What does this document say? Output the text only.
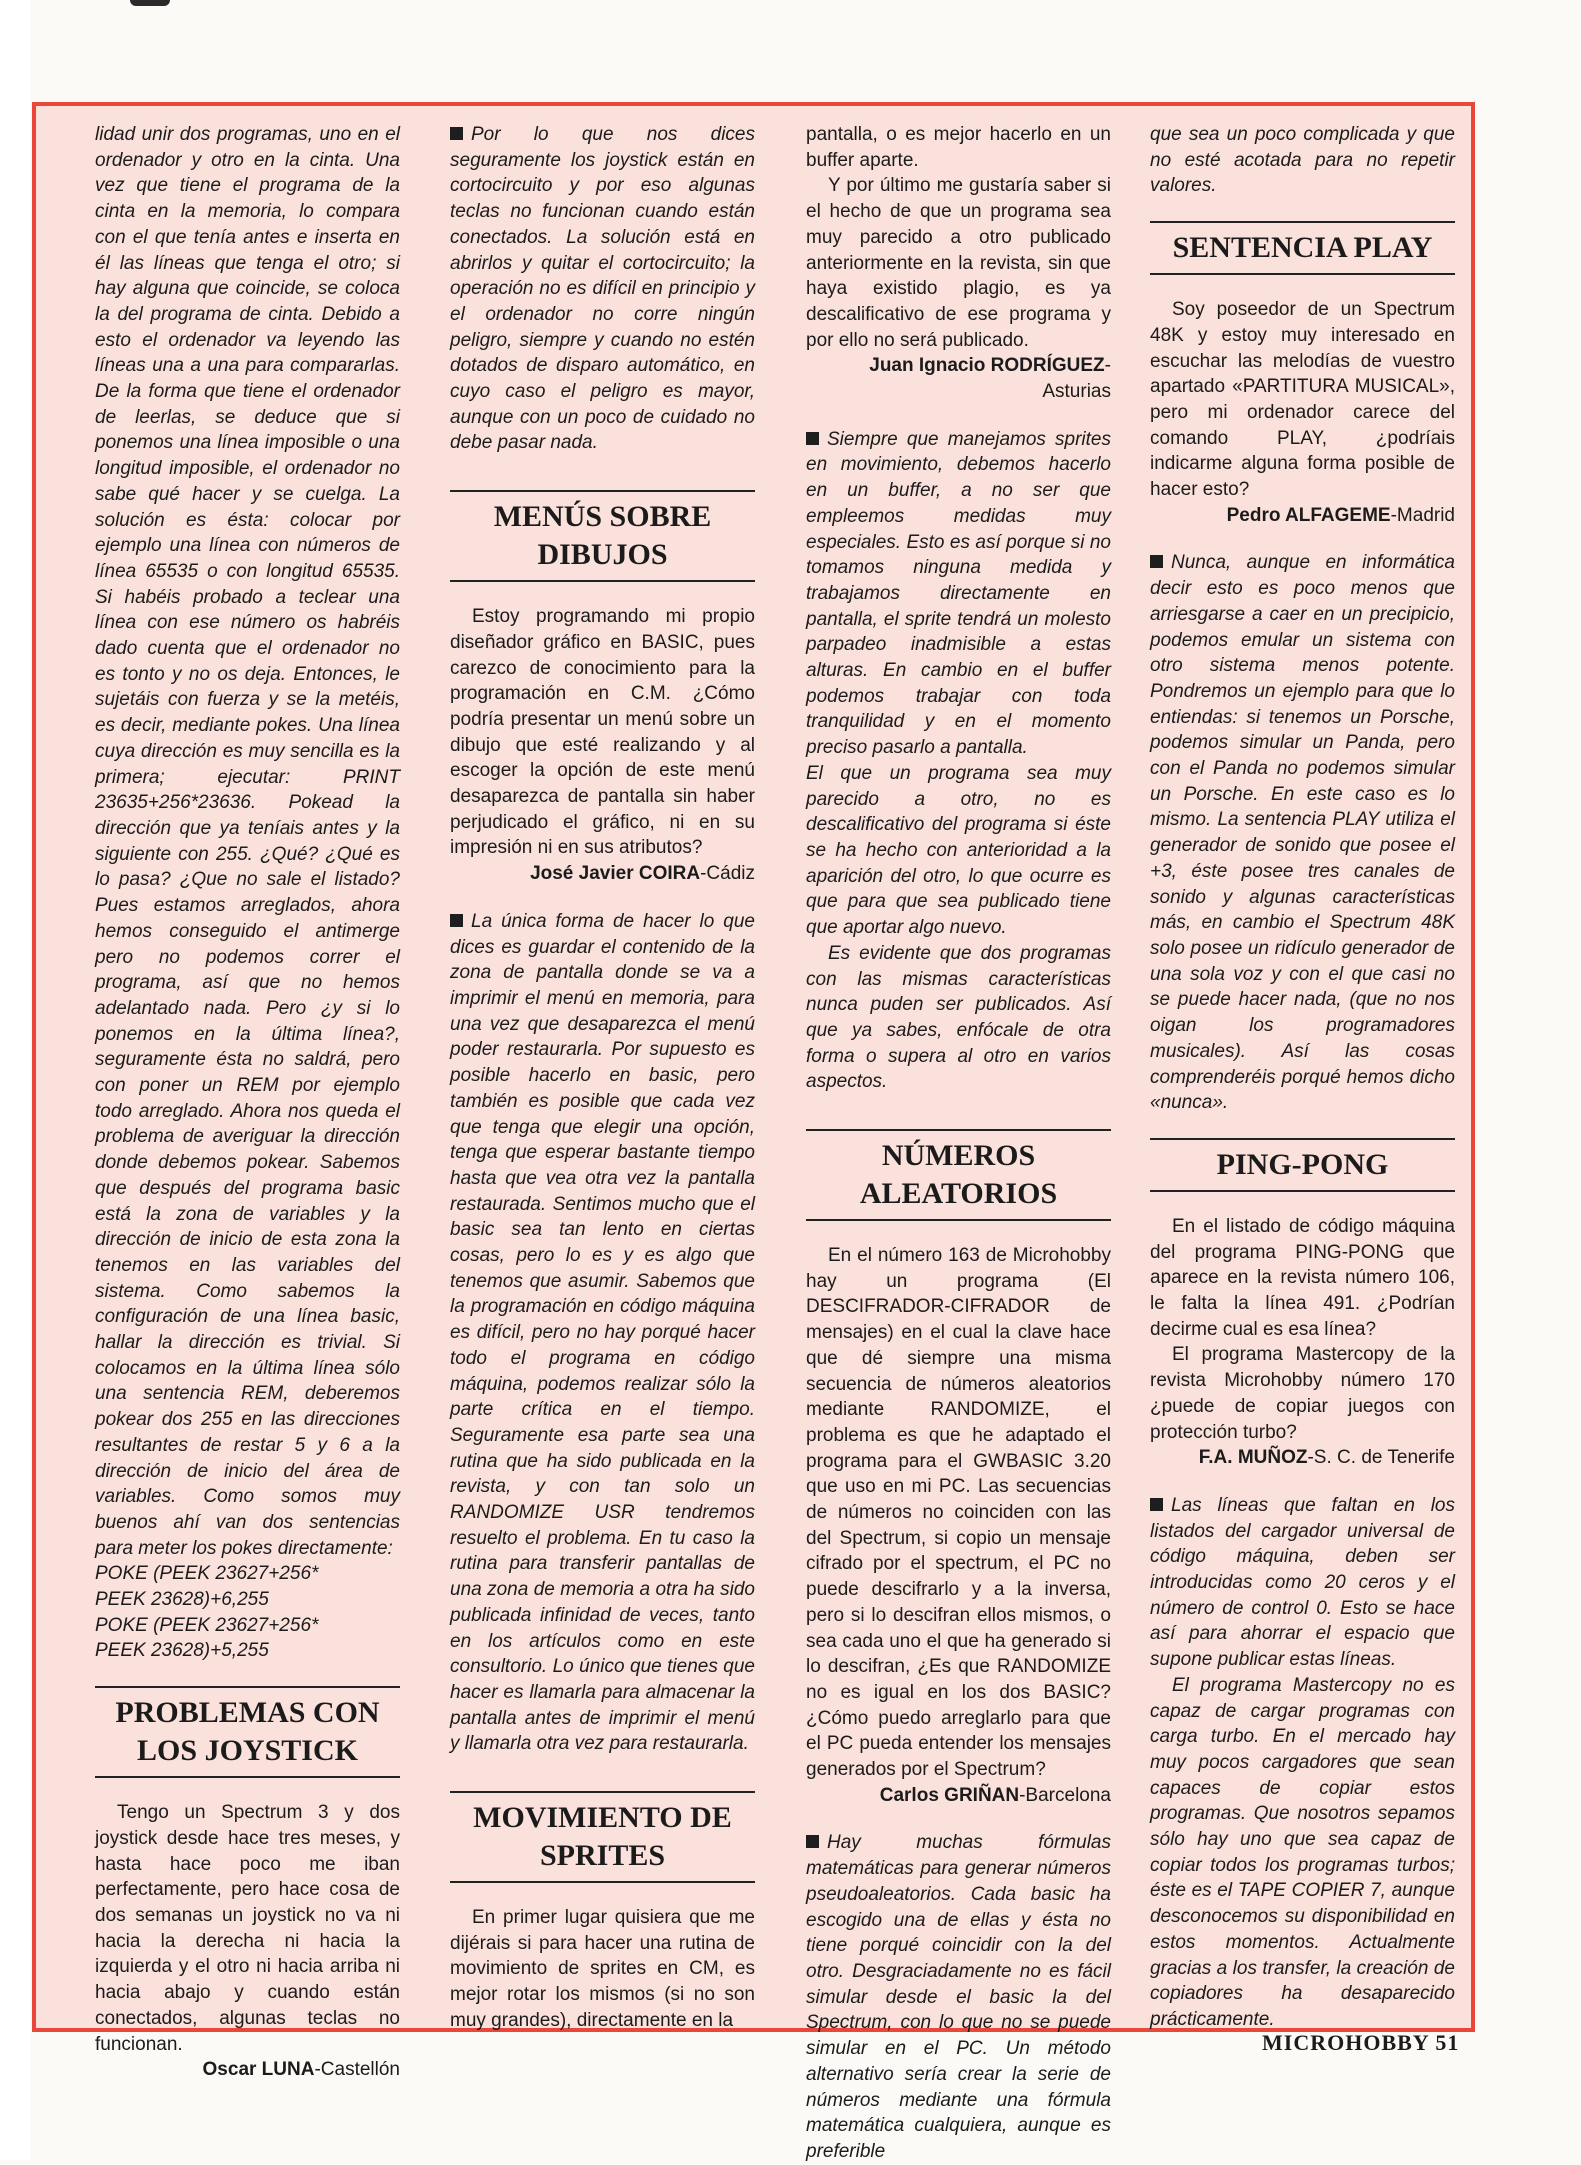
lidad unir dos programas, uno en el ordenador y otro en la cinta. Una vez que tiene el programa de la cinta en la memoria, lo compara con el que tenía antes e inserta en él las líneas que tenga el otro; si hay alguna que coincide, se coloca la del programa de cinta. Debido a esto el ordenador va leyendo las líneas una a una para compararlas. De la forma que tiene el ordenador de leerlas, se deduce que si ponemos una línea imposible o una longitud imposible, el ordenador no sabe qué hacer y se cuelga. La solución es ésta: colocar por ejemplo una línea con números de línea 65535 o con longitud 65535. Si habéis probado a teclear una línea con ese número os habréis dado cuenta que el ordenador no es tonto y no os deja. Entonces, le sujetáis con fuerza y se la metéis, es decir, mediante pokes. Una línea cuya dirección es muy sencilla es la primera; ejecutar: PRINT 23635+256*23636. Pokead la dirección que ya teníais antes y la siguiente con 255. ¿Qué? ¿Qué es lo pasa? ¿Que no sale el listado? Pues estamos arreglados, ahora hemos conseguido el antimerge pero no podemos correr el programa, así que no hemos adelantado nada. Pero ¿y si lo ponemos en la última línea?, seguramente ésta no saldrá, pero con poner un REM por ejemplo todo arreglado. Ahora nos queda el problema de averiguar la dirección donde debemos pokear. Sabemos que después del programa basic está la zona de variables y la dirección de inicio de esta zona la tenemos en las variables del sistema. Como sabemos la configuración de una línea basic, hallar la dirección es trivial. Si colocamos en la última línea sólo una sentencia REM, deberemos pokear dos 255 en las direcciones resultantes de restar 5 y 6 a la dirección de inicio del área de variables. Como somos muy buenos ahí van dos sentencias para meter los pokes directamente:

POKE (PEEK 23627+256*

PEEK 23628)+6,255

POKE (PEEK 23627+256*

PEEK 23628)+5,255

PROBLEMAS CON LOS JOYSTICK

Tengo un Spectrum 3 y dos joystick desde hace tres meses, y hasta hace poco me iban perfectamente, pero hace cosa de dos semanas un joystick no va ni hacia la derecha ni hacia la izquierda y el otro ni hacia arriba ni hacia abajo y cuando están conectados, algunas teclas no funcionan.

Oscar LUNA-Castellón

Por lo que nos dices seguramente los joystick están en cortocircuito y por eso algunas teclas no funcionan cuando están conectados. La solución está en abrirlos y quitar el cortocircuito; la operación no es difícil en principio y el ordenador no corre ningún peligro, siempre y cuando no estén dotados de disparo automático, en cuyo caso el peligro es mayor, aunque con un poco de cuidado no debe pasar nada.

MENÚS SOBRE DIBUJOS

Estoy programando mi propio diseñador gráfico en BASIC, pues carezco de conocimiento para la programación en C.M. ¿Cómo podría presentar un menú sobre un dibujo que esté realizando y al escoger la opción de este menú desaparezca de pantalla sin haber perjudicado el gráfico, ni en su impresión ni en sus atributos?

José Javier COIRA-Cádiz

La única forma de hacer lo que dices es guardar el contenido de la zona de pantalla donde se va a imprimir el menú en memoria, para una vez que desaparezca el menú poder restaurarla. Por supuesto es posible hacerlo en basic, pero también es posible que cada vez que tenga que elegir una opción, tenga que esperar bastante tiempo hasta que vea otra vez la pantalla restaurada. Sentimos mucho que el basic sea tan lento en ciertas cosas, pero lo es y es algo que tenemos que asumir. Sabemos que la programación en código máquina es difícil, pero no hay porqué hacer todo el programa en código máquina, podemos realizar sólo la parte crítica en el tiempo. Seguramente esa parte sea una rutina que ha sido publicada en la revista, y con tan solo un RANDOMIZE USR tendremos resuelto el problema. En tu caso la rutina para transferir pantallas de una zona de memoria a otra ha sido publicada infinidad de veces, tanto en los artículos como en este consultorio. Lo único que tienes que hacer es llamarla para almacenar la pantalla antes de imprimir el menú y llamarla otra vez para restaurarla.

MOVIMIENTO DE SPRITES

En primer lugar quisiera que me dijérais si para hacer una rutina de movimiento de sprites en CM, es mejor rotar los mismos (si no son muy grandes), directamente en la

pantalla, o es mejor hacerlo en un buffer aparte.

Y por último me gustaría saber si el hecho de que un programa sea muy parecido a otro publicado anteriormente en la revista, sin que haya existido plagio, es ya descalificativo de ese programa y por ello no será publicado.

Juan Ignacio RODRÍGUEZ-Asturias

Siempre que manejamos sprites en movimiento, debemos hacerlo en un buffer, a no ser que empleemos medidas muy especiales. Esto es así porque si no tomamos ninguna medida y trabajamos directamente en pantalla, el sprite tendrá un molesto parpadeo inadmisible a estas alturas. En cambio en el buffer podemos trabajar con toda tranquilidad y en el momento preciso pasarlo a pantalla.

El que un programa sea muy parecido a otro, no es descalificativo del programa si éste se ha hecho con anterioridad a la aparición del otro, lo que ocurre es que para que sea publicado tiene que aportar algo nuevo.

Es evidente que dos programas con las mismas características nunca puden ser publicados. Así que ya sabes, enfócale de otra forma o supera al otro en varios aspectos.

NÚMEROS ALEATORIOS

En el número 163 de Microhobby hay un programa (El DESCIFRADOR-CIFRADOR de mensajes) en el cual la clave hace que dé siempre una misma secuencia de números aleatorios mediante RANDOMIZE, el problema es que he adaptado el programa para el GWBASIC 3.20 que uso en mi PC. Las secuencias de números no coinciden con las del Spectrum, si copio un mensaje cifrado por el spectrum, el PC no puede descifrarlo y a la inversa, pero si lo descifran ellos mismos, o sea cada uno el que ha generado si lo descifran, ¿Es que RANDOMIZE no es igual en los dos BASIC? ¿Cómo puedo arreglarlo para que el PC pueda entender los mensajes generados por el Spectrum?

Carlos GRIÑAN-Barcelona

Hay muchas fórmulas matemáticas para generar números pseudoaleatorios. Cada basic ha escogido una de ellas y ésta no tiene porqué coincidir con la del otro. Desgraciadamente no es fácil simular desde el basic la del Spectrum, con lo que no se puede simular en el PC. Un método alternativo sería crear la serie de números mediante una fórmula matemática cualquiera, aunque es preferible

que sea un poco complicada y que no esté acotada para no repetir valores.

SENTENCIA PLAY

Soy poseedor de un Spectrum 48K y estoy muy interesado en escuchar las melodías de vuestro apartado «PARTITURA MUSICAL», pero mi ordenador carece del comando PLAY, ¿podríais indicarme alguna forma posible de hacer esto?

Pedro ALFAGEME-Madrid

Nunca, aunque en informática decir esto es poco menos que arriesgarse a caer en un precipicio, podemos emular un sistema con otro sistema menos potente. Pondremos un ejemplo para que lo entiendas: si tenemos un Porsche, podemos simular un Panda, pero con el Panda no podemos simular un Porsche. En este caso es lo mismo. La sentencia PLAY utiliza el generador de sonido que posee el +3, éste posee tres canales de sonido y algunas características más, en cambio el Spectrum 48K solo posee un ridículo generador de una sola voz y con el que casi no se puede hacer nada, (que no nos oigan los programadores musicales). Así las cosas comprenderéis porqué hemos dicho «nunca».

PING-PONG

En el listado de código máquina del programa PING-PONG que aparece en la revista número 106, le falta la línea 491. ¿Podrían decirme cual es esa línea?

El programa Mastercopy de la revista Microhobby número 170 ¿puede de copiar juegos con protección turbo?

F.A. MUÑOZ-S. C. de Tenerife

Las líneas que faltan en los listados del cargador universal de código máquina, deben ser introducidas como 20 ceros y el número de control 0. Esto se hace así para ahorrar el espacio que supone publicar estas líneas.

El programa Mastercopy no es capaz de cargar programas con carga turbo. En el mercado hay muy pocos cargadores que sean capaces de copiar estos programas. Que nosotros sepamos sólo hay uno que sea capaz de copiar todos los programas turbos; éste es el TAPE COPIER 7, aunque desconocemos su disponibilidad en estos momentos. Actualmente gracias a los transfer, la creación de copiadores ha desaparecido prácticamente.

MICROHOBBY 51
